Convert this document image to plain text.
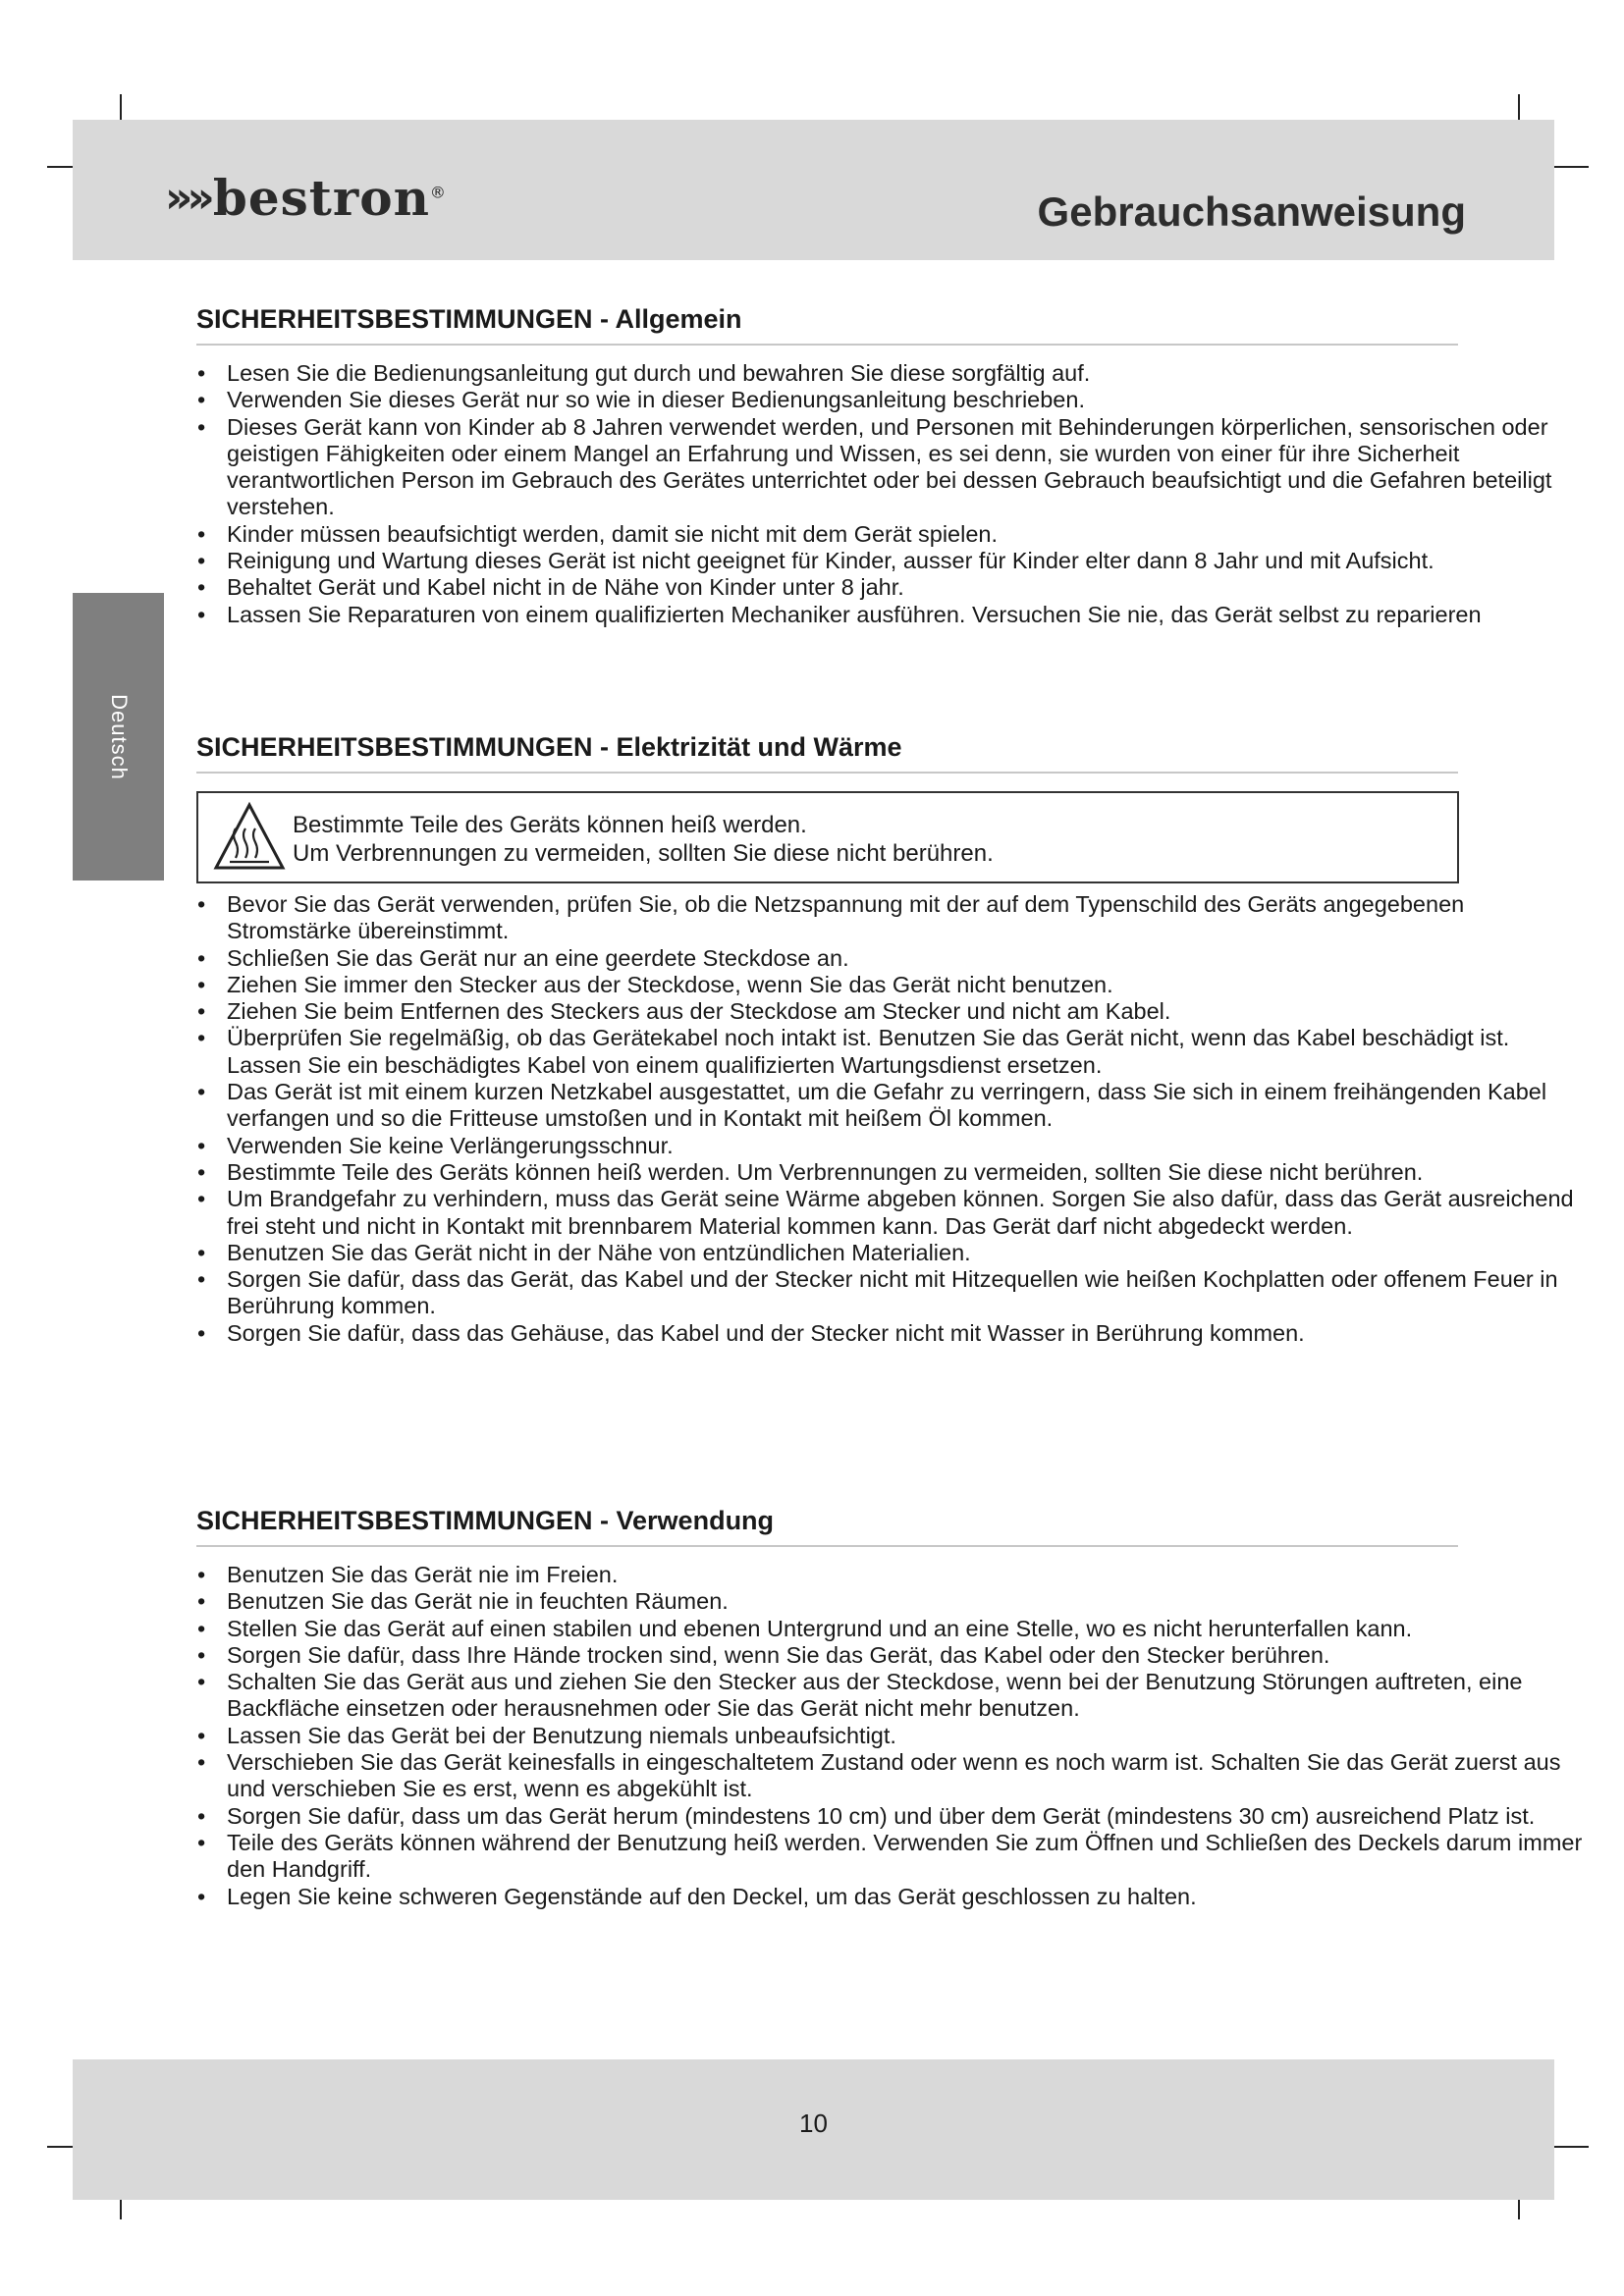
»» bestron®	Gebrauchsanweisung
Deutsch
SICHERHEITSBESTIMMUNGEN - Allgemein
• Lesen Sie die Bedienungsanleitung gut durch und bewahren Sie diese sorgfältig auf.
• Verwenden Sie dieses Gerät nur so wie in dieser Bedienungsanleitung beschrieben.
• Dieses Gerät kann von Kinder ab 8 Jahren verwendet werden, und Personen mit Behinderungen körperlichen, sensorischen oder geistigen Fähigkeiten oder einem Mangel an Erfahrung und Wissen, es sei denn, sie wurden von einer für ihre Sicherheit verantwortlichen Person im Gebrauch des Gerätes unterrichtet oder bei dessen Gebrauch beaufsichtigt und die Gefahren beteiligt verstehen.
• Kinder müssen beaufsichtigt werden, damit sie nicht mit dem Gerät spielen.
• Reinigung und Wartung dieses Gerät ist nicht geeignet für Kinder, ausser für Kinder elter dann 8 Jahr und mit Aufsicht.
• Behaltet Gerät und Kabel nicht in de Nähe von Kinder unter 8 jahr.
• Lassen Sie Reparaturen von einem qualifizierten Mechaniker ausführen. Versuchen Sie nie, das Gerät selbst zu reparieren
SICHERHEITSBESTIMMUNGEN - Elektrizität und Wärme
Bestimmte Teile des Geräts können heiß werden.
Um Verbrennungen zu vermeiden, sollten Sie diese nicht berühren.
• Bevor Sie das Gerät verwenden, prüfen Sie, ob die Netzspannung mit der auf dem Typenschild des Geräts angegebenen Stromstärke übereinstimmt.
• Schließen Sie das Gerät nur an eine geerdete Steckdose an.
• Ziehen Sie immer den Stecker aus der Steckdose, wenn Sie das Gerät nicht benutzen.
• Ziehen Sie beim Entfernen des Steckers aus der Steckdose am Stecker und nicht am Kabel.
• Überprüfen Sie regelmäßig, ob das Gerätekabel noch intakt ist. Benutzen Sie das Gerät nicht, wenn das Kabel beschädigt ist. Lassen Sie ein beschädigtes Kabel von einem qualifizierten Wartungsdienst ersetzen.
• Das Gerät ist mit einem kurzen Netzkabel ausgestattet, um die Gefahr zu verringern, dass Sie sich in einem freihängenden Kabel verfangen und so die Fritteuse umstoßen und in Kontakt mit heißem Öl kommen.
• Verwenden Sie keine Verlängerungsschnur.
• Bestimmte Teile des Geräts können heiß werden. Um Verbrennungen zu vermeiden, sollten Sie diese nicht berühren.
• Um Brandgefahr zu verhindern, muss das Gerät seine Wärme abgeben können. Sorgen Sie also dafür, dass das Gerät ausreichend frei steht und nicht in Kontakt mit brennbarem Material kommen kann. Das Gerät darf nicht abgedeckt werden.
• Benutzen Sie das Gerät nicht in der Nähe von entzündlichen Materialien.
• Sorgen Sie dafür, dass das Gerät, das Kabel und der Stecker nicht mit Hitzequellen wie heißen Kochplatten oder offenem Feuer in Berührung kommen.
• Sorgen Sie dafür, dass das Gehäuse, das Kabel und der Stecker nicht mit Wasser in Berührung kommen.
SICHERHEITSBESTIMMUNGEN - Verwendung
• Benutzen Sie das Gerät nie im Freien.
• Benutzen Sie das Gerät nie in feuchten Räumen.
• Stellen Sie das Gerät auf einen stabilen und ebenen Untergrund und an eine Stelle, wo es nicht herunterfallen kann.
• Sorgen Sie dafür, dass Ihre Hände trocken sind, wenn Sie das Gerät, das Kabel oder den Stecker berühren.
• Schalten Sie das Gerät aus und ziehen Sie den Stecker aus der Steckdose, wenn bei der Benutzung Störungen auftreten, eine Backfläche einsetzen oder herausnehmen oder Sie das Gerät nicht mehr benutzen.
• Lassen Sie das Gerät bei der Benutzung niemals unbeaufsichtigt.
• Verschieben Sie das Gerät keinesfalls in eingeschaltetem Zustand oder wenn es noch warm ist. Schalten Sie das Gerät zuerst aus und verschieben Sie es erst, wenn es abgekühlt ist.
• Sorgen Sie dafür, dass um das Gerät herum (mindestens 10 cm) und über dem Gerät (mindestens 30 cm) ausreichend Platz ist.
• Teile des Geräts können während der Benutzung heiß werden. Verwenden Sie zum Öffnen und Schließen des Deckels darum immer den Handgriff.
• Legen Sie keine schweren Gegenstände auf den Deckel, um das Gerät geschlossen zu halten.
10
